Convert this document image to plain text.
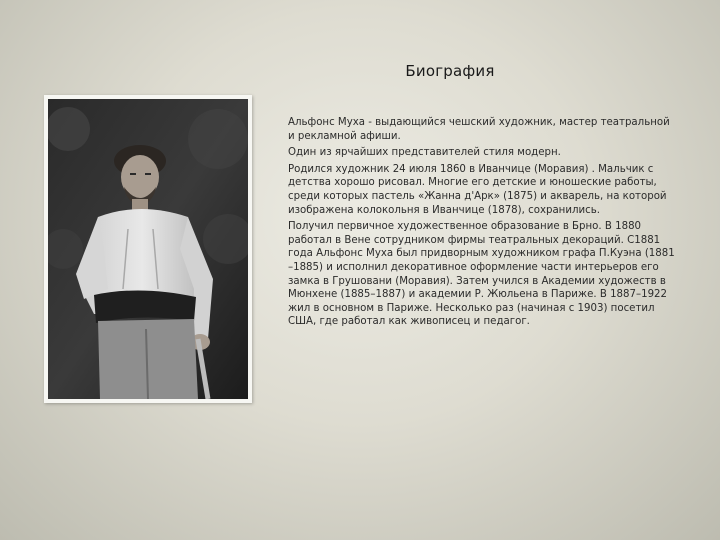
Биография

Альфонс Муха - выдающийся чешский художник, мастер театральной и рекламной афиши.

Один из ярчайших представителей стиля модерн.

Родился художник 24 июля 1860 в Иванчице (Моравия) . Мальчик с детства хорошо рисовал. Многие его детские и юношеские работы, среди которых пастель «Жанна д'Арк» (1875) и акварель, на которой изображена колокольня в Иванчице (1878), сохранились.

Получил первичное художественное образование в Брно. В 1880 работал в Вене сотрудником фирмы театральных декораций. С1881 года Альфонс Муха был придворным художником графа П.Куэна (1881 –1885) и исполнил декоративное оформление части интерьеров его замка в Грушовани (Моравия). Затем учился в Академии художеств в Мюнхене (1885–1887) и академии Р. Жюльена в Париже. В 1887–1922 жил в основном в Париже. Несколько раз (начиная с 1903) посетил США, где работал как живописец и педагог.
